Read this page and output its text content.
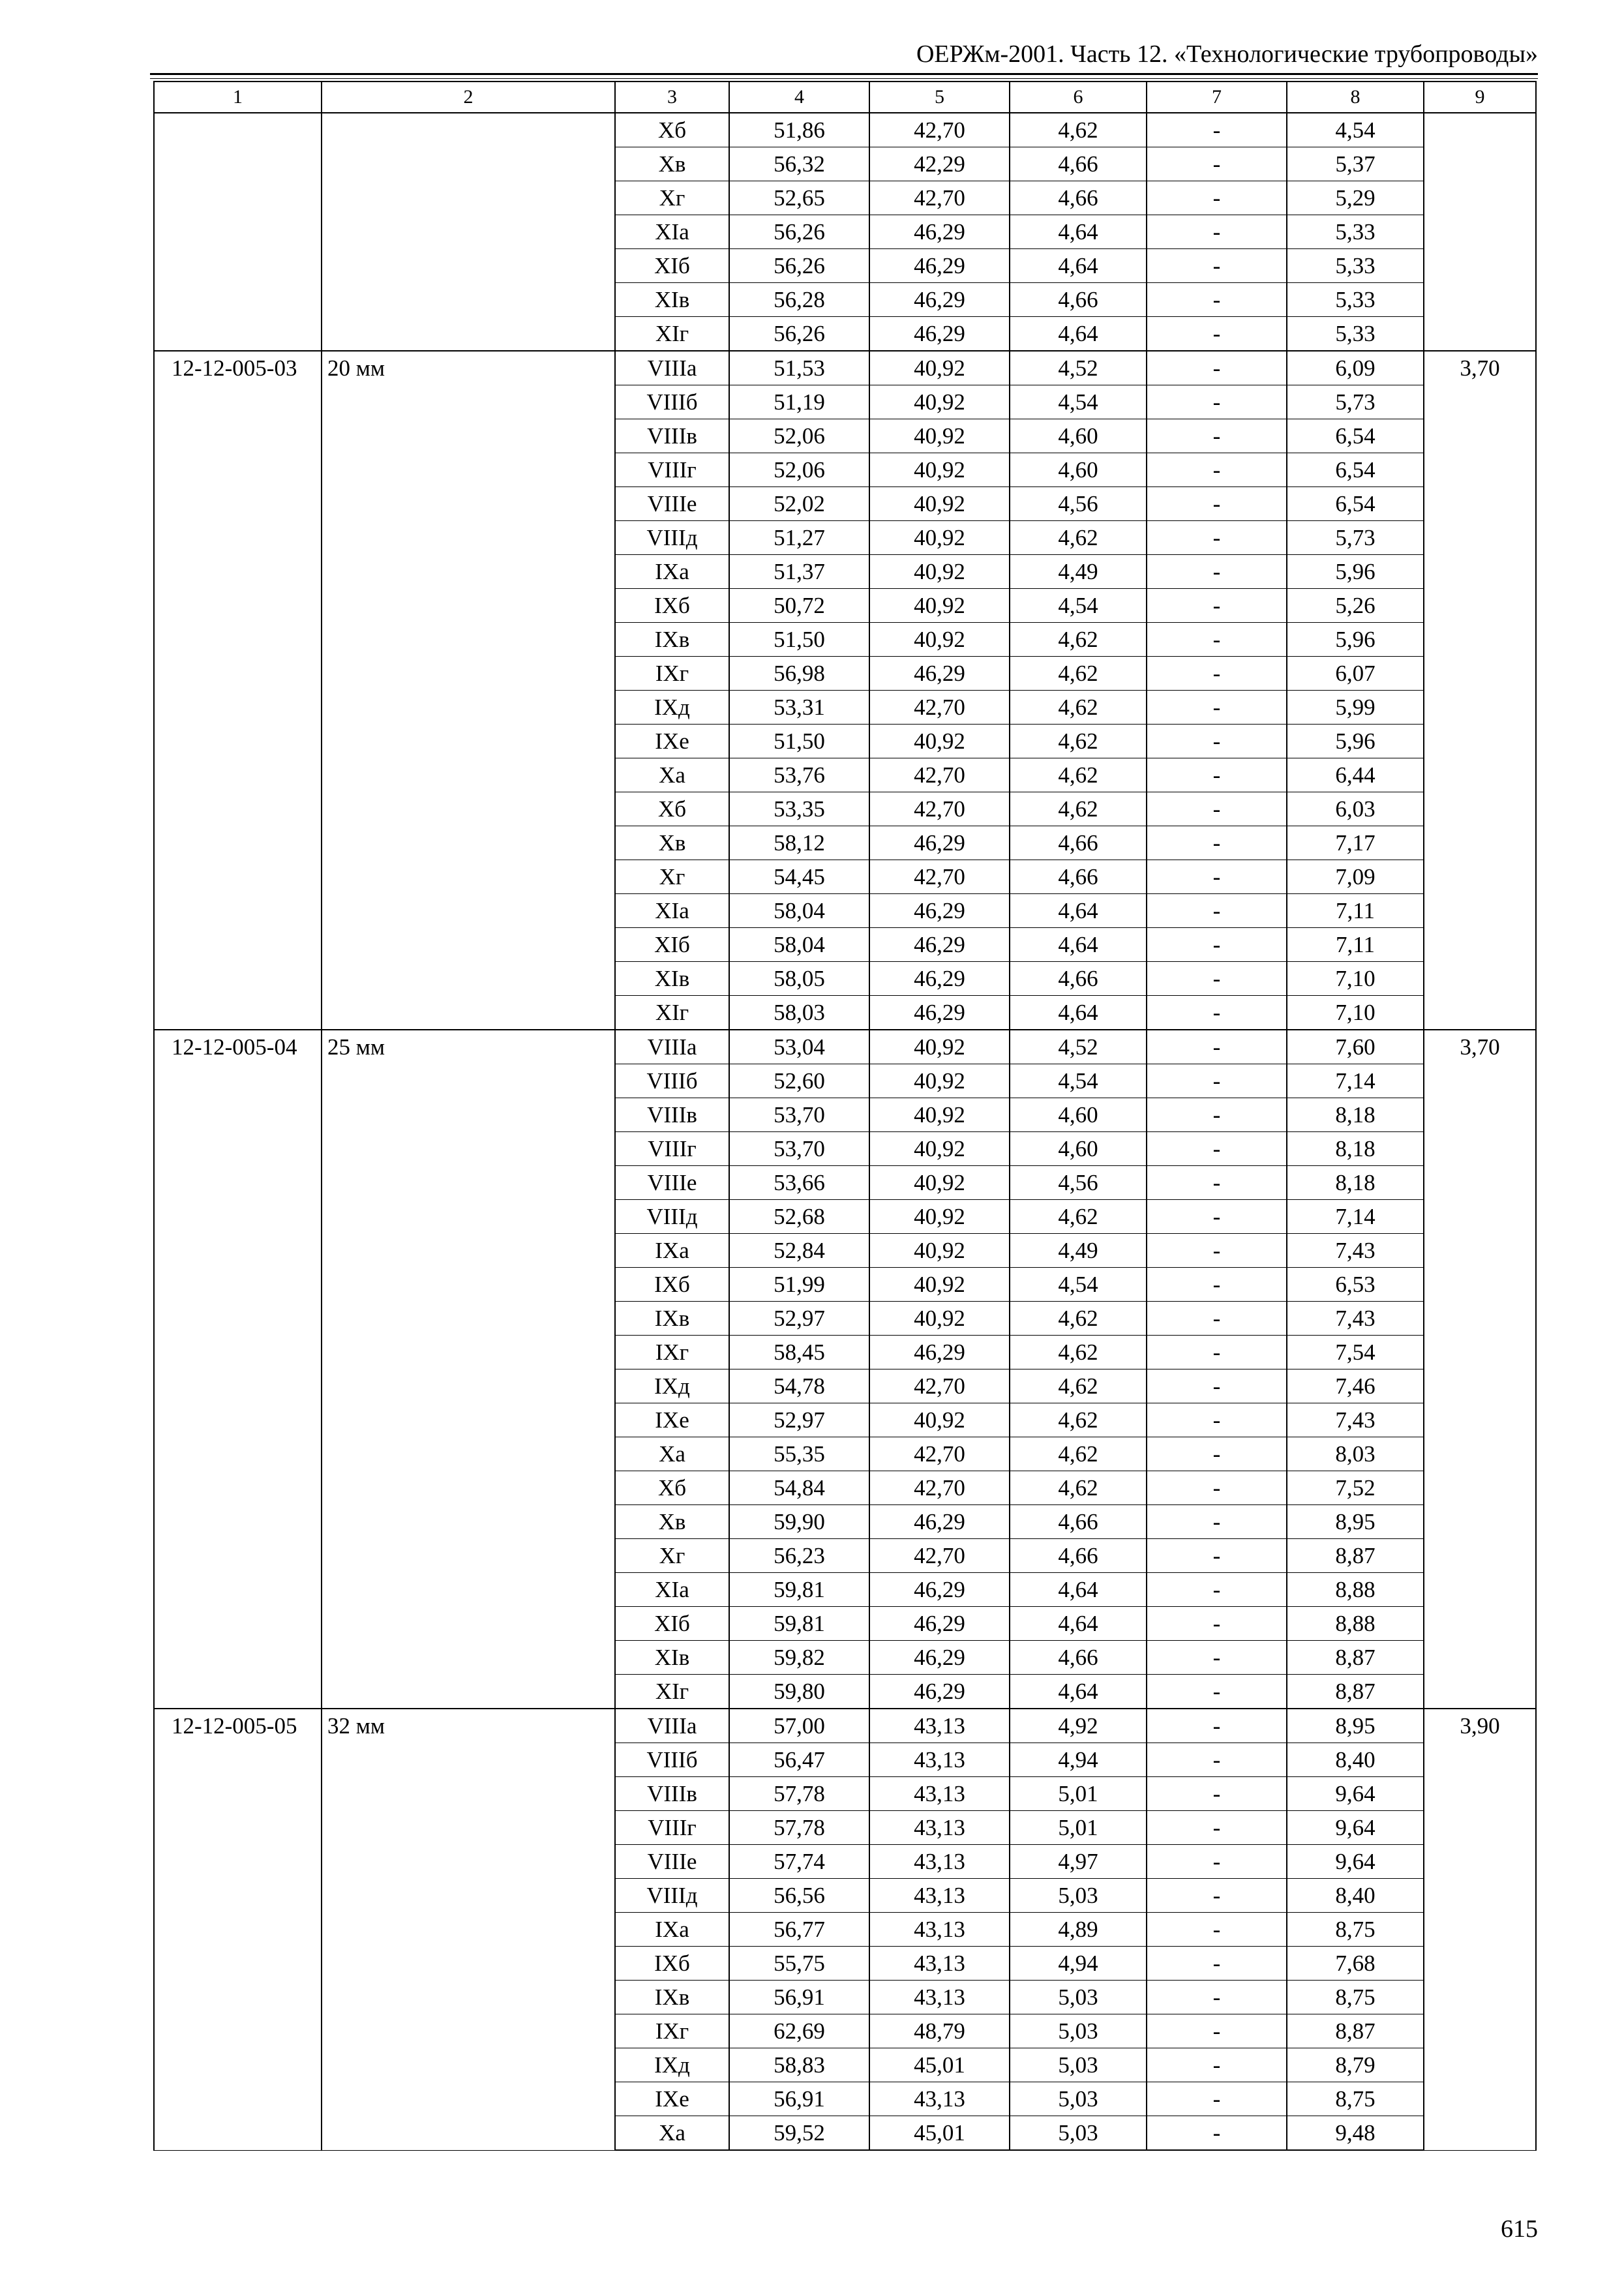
ОЕРЖм-2001. Часть 12. «Технологические трубопроводы»
1	2	3	4	5	6	7	8	9
		Xб	51,86	42,70	4,62	-	4,54	
		Xв	56,32	42,29	4,66	-	5,37	
		Xг	52,65	42,70	4,66	-	5,29	
		XIа	56,26	46,29	4,64	-	5,33	
		XIб	56,26	46,29	4,64	-	5,33	
		XIв	56,28	46,29	4,66	-	5,33	
		XIг	56,26	46,29	4,64	-	5,33	
12-12-005-03	20 мм	VIIIа	51,53	40,92	4,52	-	6,09	3,70
		VIIIб	51,19	40,92	4,54	-	5,73	
		VIIIв	52,06	40,92	4,60	-	6,54	
		VIIIг	52,06	40,92	4,60	-	6,54	
		VIIIе	52,02	40,92	4,56	-	6,54	
		VIIIд	51,27	40,92	4,62	-	5,73	
		IXа	51,37	40,92	4,49	-	5,96	
		IXб	50,72	40,92	4,54	-	5,26	
		IXв	51,50	40,92	4,62	-	5,96	
		IXг	56,98	46,29	4,62	-	6,07	
		IXд	53,31	42,70	4,62	-	5,99	
		IXе	51,50	40,92	4,62	-	5,96	
		Xа	53,76	42,70	4,62	-	6,44	
		Xб	53,35	42,70	4,62	-	6,03	
		Xв	58,12	46,29	4,66	-	7,17	
		Xг	54,45	42,70	4,66	-	7,09	
		XIа	58,04	46,29	4,64	-	7,11	
		XIб	58,04	46,29	4,64	-	7,11	
		XIв	58,05	46,29	4,66	-	7,10	
		XIг	58,03	46,29	4,64	-	7,10	
12-12-005-04	25 мм	VIIIа	53,04	40,92	4,52	-	7,60	3,70
		VIIIб	52,60	40,92	4,54	-	7,14	
		VIIIв	53,70	40,92	4,60	-	8,18	
		VIIIг	53,70	40,92	4,60	-	8,18	
		VIIIе	53,66	40,92	4,56	-	8,18	
		VIIIд	52,68	40,92	4,62	-	7,14	
		IXа	52,84	40,92	4,49	-	7,43	
		IXб	51,99	40,92	4,54	-	6,53	
		IXв	52,97	40,92	4,62	-	7,43	
		IXг	58,45	46,29	4,62	-	7,54	
		IXд	54,78	42,70	4,62	-	7,46	
		IXе	52,97	40,92	4,62	-	7,43	
		Xа	55,35	42,70	4,62	-	8,03	
		Xб	54,84	42,70	4,62	-	7,52	
		Xв	59,90	46,29	4,66	-	8,95	
		Xг	56,23	42,70	4,66	-	8,87	
		XIа	59,81	46,29	4,64	-	8,88	
		XIб	59,81	46,29	4,64	-	8,88	
		XIв	59,82	46,29	4,66	-	8,87	
		XIг	59,80	46,29	4,64	-	8,87	
12-12-005-05	32 мм	VIIIа	57,00	43,13	4,92	-	8,95	3,90
		VIIIб	56,47	43,13	4,94	-	8,40	
		VIIIв	57,78	43,13	5,01	-	9,64	
		VIIIг	57,78	43,13	5,01	-	9,64	
		VIIIе	57,74	43,13	4,97	-	9,64	
		VIIIд	56,56	43,13	5,03	-	8,40	
		IXа	56,77	43,13	4,89	-	8,75	
		IXб	55,75	43,13	4,94	-	7,68	
		IXв	56,91	43,13	5,03	-	8,75	
		IXг	62,69	48,79	5,03	-	8,87	
		IXд	58,83	45,01	5,03	-	8,79	
		IXе	56,91	43,13	5,03	-	8,75	
		Xа	59,52	45,01	5,03	-	9,48	
615
